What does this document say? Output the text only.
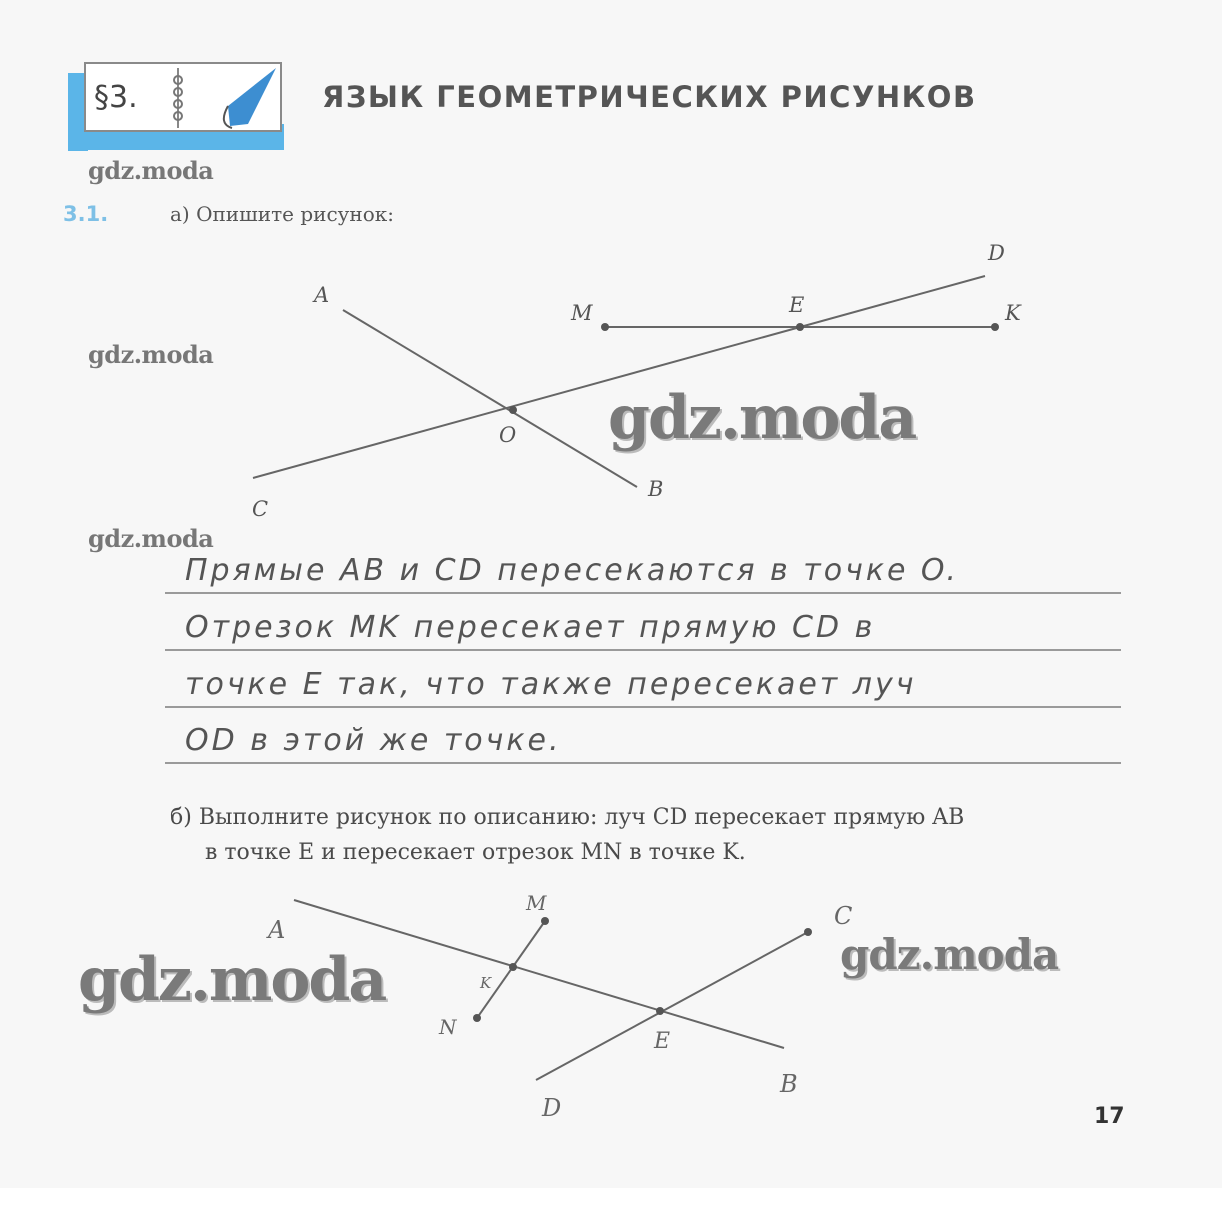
§3.	ЯЗЫК ГЕОМЕТРИЧЕСКИХ РИСУНКОВ
gdz.moda
gdz.moda
gdz.moda
3.1.	а) Опишите рисунок:
A
B
C
D
O
M	E	K
gdz.moda
Прямые AB и CD пересекаются в точке O.
Отрезок MK пересекает прямую CD в
точке E так, что также пересекает луч
OD в этой же точке.
б) Выполните рисунок по описанию: луч CD пересекает прямую AB
в точке E и пересекает отрезок MN в точке K.
A
B
C
D
E
K
M
N
gdz.moda	gdz.moda
17
